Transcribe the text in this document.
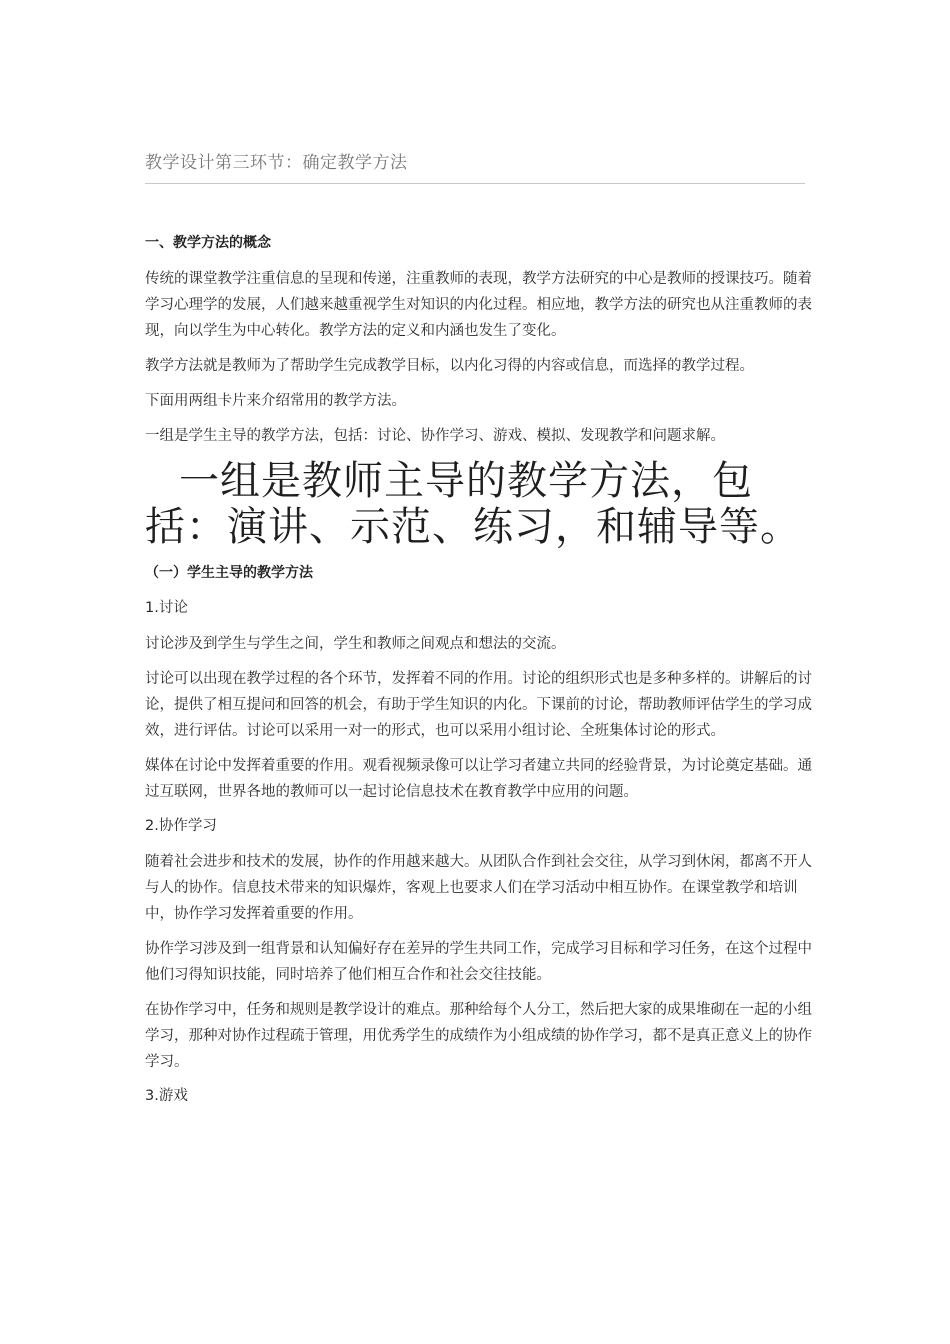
教学设计第三环节：确定教学方法
一、教学方法的概念
传统的课堂教学注重信息的呈现和传递，注重教师的表现，教学方法研究的中心是教师的授课技巧。随着学习心理学的发展，人们越来越重视学生对知识的内化过程。相应地，教学方法的研究也从注重教师的表现，向以学生为中心转化。教学方法的定义和内涵也发生了变化。
教学方法就是教师为了帮助学生完成教学目标，以内化习得的内容或信息，而选择的教学过程。
下面用两组卡片来介绍常用的教学方法。
一组是学生主导的教学方法，包括：讨论、协作学习、游戏、模拟、发现教学和问题求解。
一组是教师主导的教学方法，包括：演讲、示范、练习，和辅导等。
（一）学生主导的教学方法
1.讨论
讨论涉及到学生与学生之间，学生和教师之间观点和想法的交流。
讨论可以出现在教学过程的各个环节，发挥着不同的作用。讨论的组织形式也是多种多样的。讲解后的讨论，提供了相互提问和回答的机会，有助于学生知识的内化。下课前的讨论，帮助教师评估学生的学习成效，进行评估。讨论可以采用一对一的形式，也可以采用小组讨论、全班集体讨论的形式。
媒体在讨论中发挥着重要的作用。观看视频录像可以让学习者建立共同的经验背景，为讨论奠定基础。通过互联网，世界各地的教师可以一起讨论信息技术在教育教学中应用的问题。
2.协作学习
随着社会进步和技术的发展，协作的作用越来越大。从团队合作到社会交往，从学习到休闲，都离不开人与人的协作。信息技术带来的知识爆炸，客观上也要求人们在学习活动中相互协作。在课堂教学和培训中，协作学习发挥着重要的作用。
协作学习涉及到一组背景和认知偏好存在差异的学生共同工作，完成学习目标和学习任务，在这个过程中他们习得知识技能，同时培养了他们相互合作和社会交往技能。
在协作学习中，任务和规则是教学设计的难点。那种给每个人分工，然后把大家的成果堆砌在一起的小组学习，那种对协作过程疏于管理，用优秀学生的成绩作为小组成绩的协作学习，都不是真正意义上的协作学习。
3.游戏
